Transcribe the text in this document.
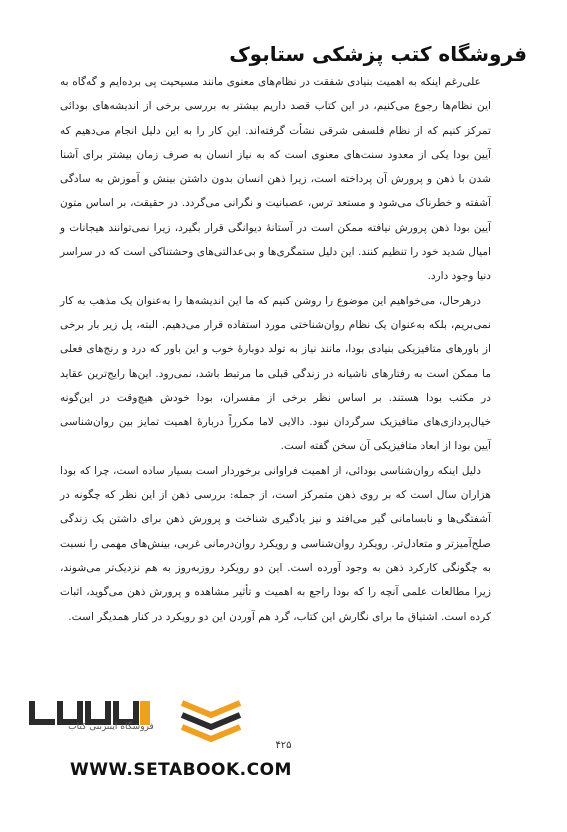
فروشگاه کتب پزشکی ستابوک

علی‌رغم اینکه به اهمیت بنیادی شفقت در نظام‌های معنوی مانند مسیحیت پی برده‌ایم و گه‌گاه به این نظام‌ها رجوع می‌کنیم، در این کتاب قصد داریم بیشتر به بررسی برخی از اندیشه‌های بودائی تمرکز کنیم که از نظام فلسفی شرقی نشأت گرفته‌اند. این کار را به این دلیل انجام می‌دهیم که آیین بودا یکی از معدود سنت‌های معنوی است که به نیاز انسان به صرف زمان بیشتر برای آشنا شدن با ذهن و پرورش آن پرداخته است، زیرا ذهن انسان بدون داشتن بینش و آموزش به سادگی آشفته و خطرناک می‌شود و مستعد ترس، عصبانیت و نگرانی می‌گردد. در حقیقت، بر اساس متون آیین بودا ذهن پرورش نیافته ممکن است در آستانهٔ دیوانگی قرار بگیرد، زیرا نمی‌توانند هیجانات و امیال شدید خود را تنظیم کنند. این دلیل ستمگری‌ها و بی‌عدالتی‌های وحشتناکی است که در سراسر دنیا وجود دارد.

درهرحال، می‌خواهیم این موضوع را روشن کنیم که ما این اندیشه‌ها را به‌عنوان یک مذهب به کار نمی‌بریم، بلکه به‌عنوان یک نظام روان‌شناختی مورد استفاده قرار می‌دهیم. البته، پل زیر بار برخی از باورهای متافیزیکی بنیادی بودا، مانند نیاز به تولد دوبارهٔ خوب و این باور که درد و رنج‌های فعلی ما ممکن است به رفتارهای ناشیانه در زندگی قبلی ما مرتبط باشد، نمی‌رود. این‌ها رایج‌ترین عقاید در مکتب بودا هستند. بر اساس نظر برخی از مفسران، بودا خودش هیچ‌وقت در این‌گونه خیال‌پردازی‌های متافیزیک سرگردان نبود. دالایی لاما مکرراً دربارهٔ اهمیت تمایز بین روان‌شناسی آیین بودا از ابعاد متافیزیکی آن سخن گفته است.

دلیل اینکه روان‌شناسی بودائی، از اهمیت فراوانی برخوردار است بسیار ساده است، چرا که بودا هزاران سال است که بر روی ذهن متمرکز است، از جمله: بررسی ذهن از این نظر که چگونه در آشفتگی‌ها و نابسامانی گیر می‌افتد و نیز یادگیری شناخت و پرورش ذهن برای داشتن یک زندگی صلح‌آمیزتر و متعادل‌تر. رویکرد روان‌شناسی و رویکرد روان‌درمانی غربی، بینش‌های مهمی را نسبت به چگونگی کارکرد ذهن به وجود آورده است. این دو رویکرد روزبه‌روز به هم نزدیک‌تر می‌شوند، زیرا مطالعات علمی آنچه را که بودا راجع به اهمیت و تأثیر مشاهده و پرورش ذهن می‌گوید، اثبات کرده است. اشتیاق ما برای نگارش این کتاب، گرد هم آوردن این دو رویکرد در کنار همدیگر است.

۴۲۵
فروشگاه اینترنتی کتاب
WWW.SETABOOK.COM
